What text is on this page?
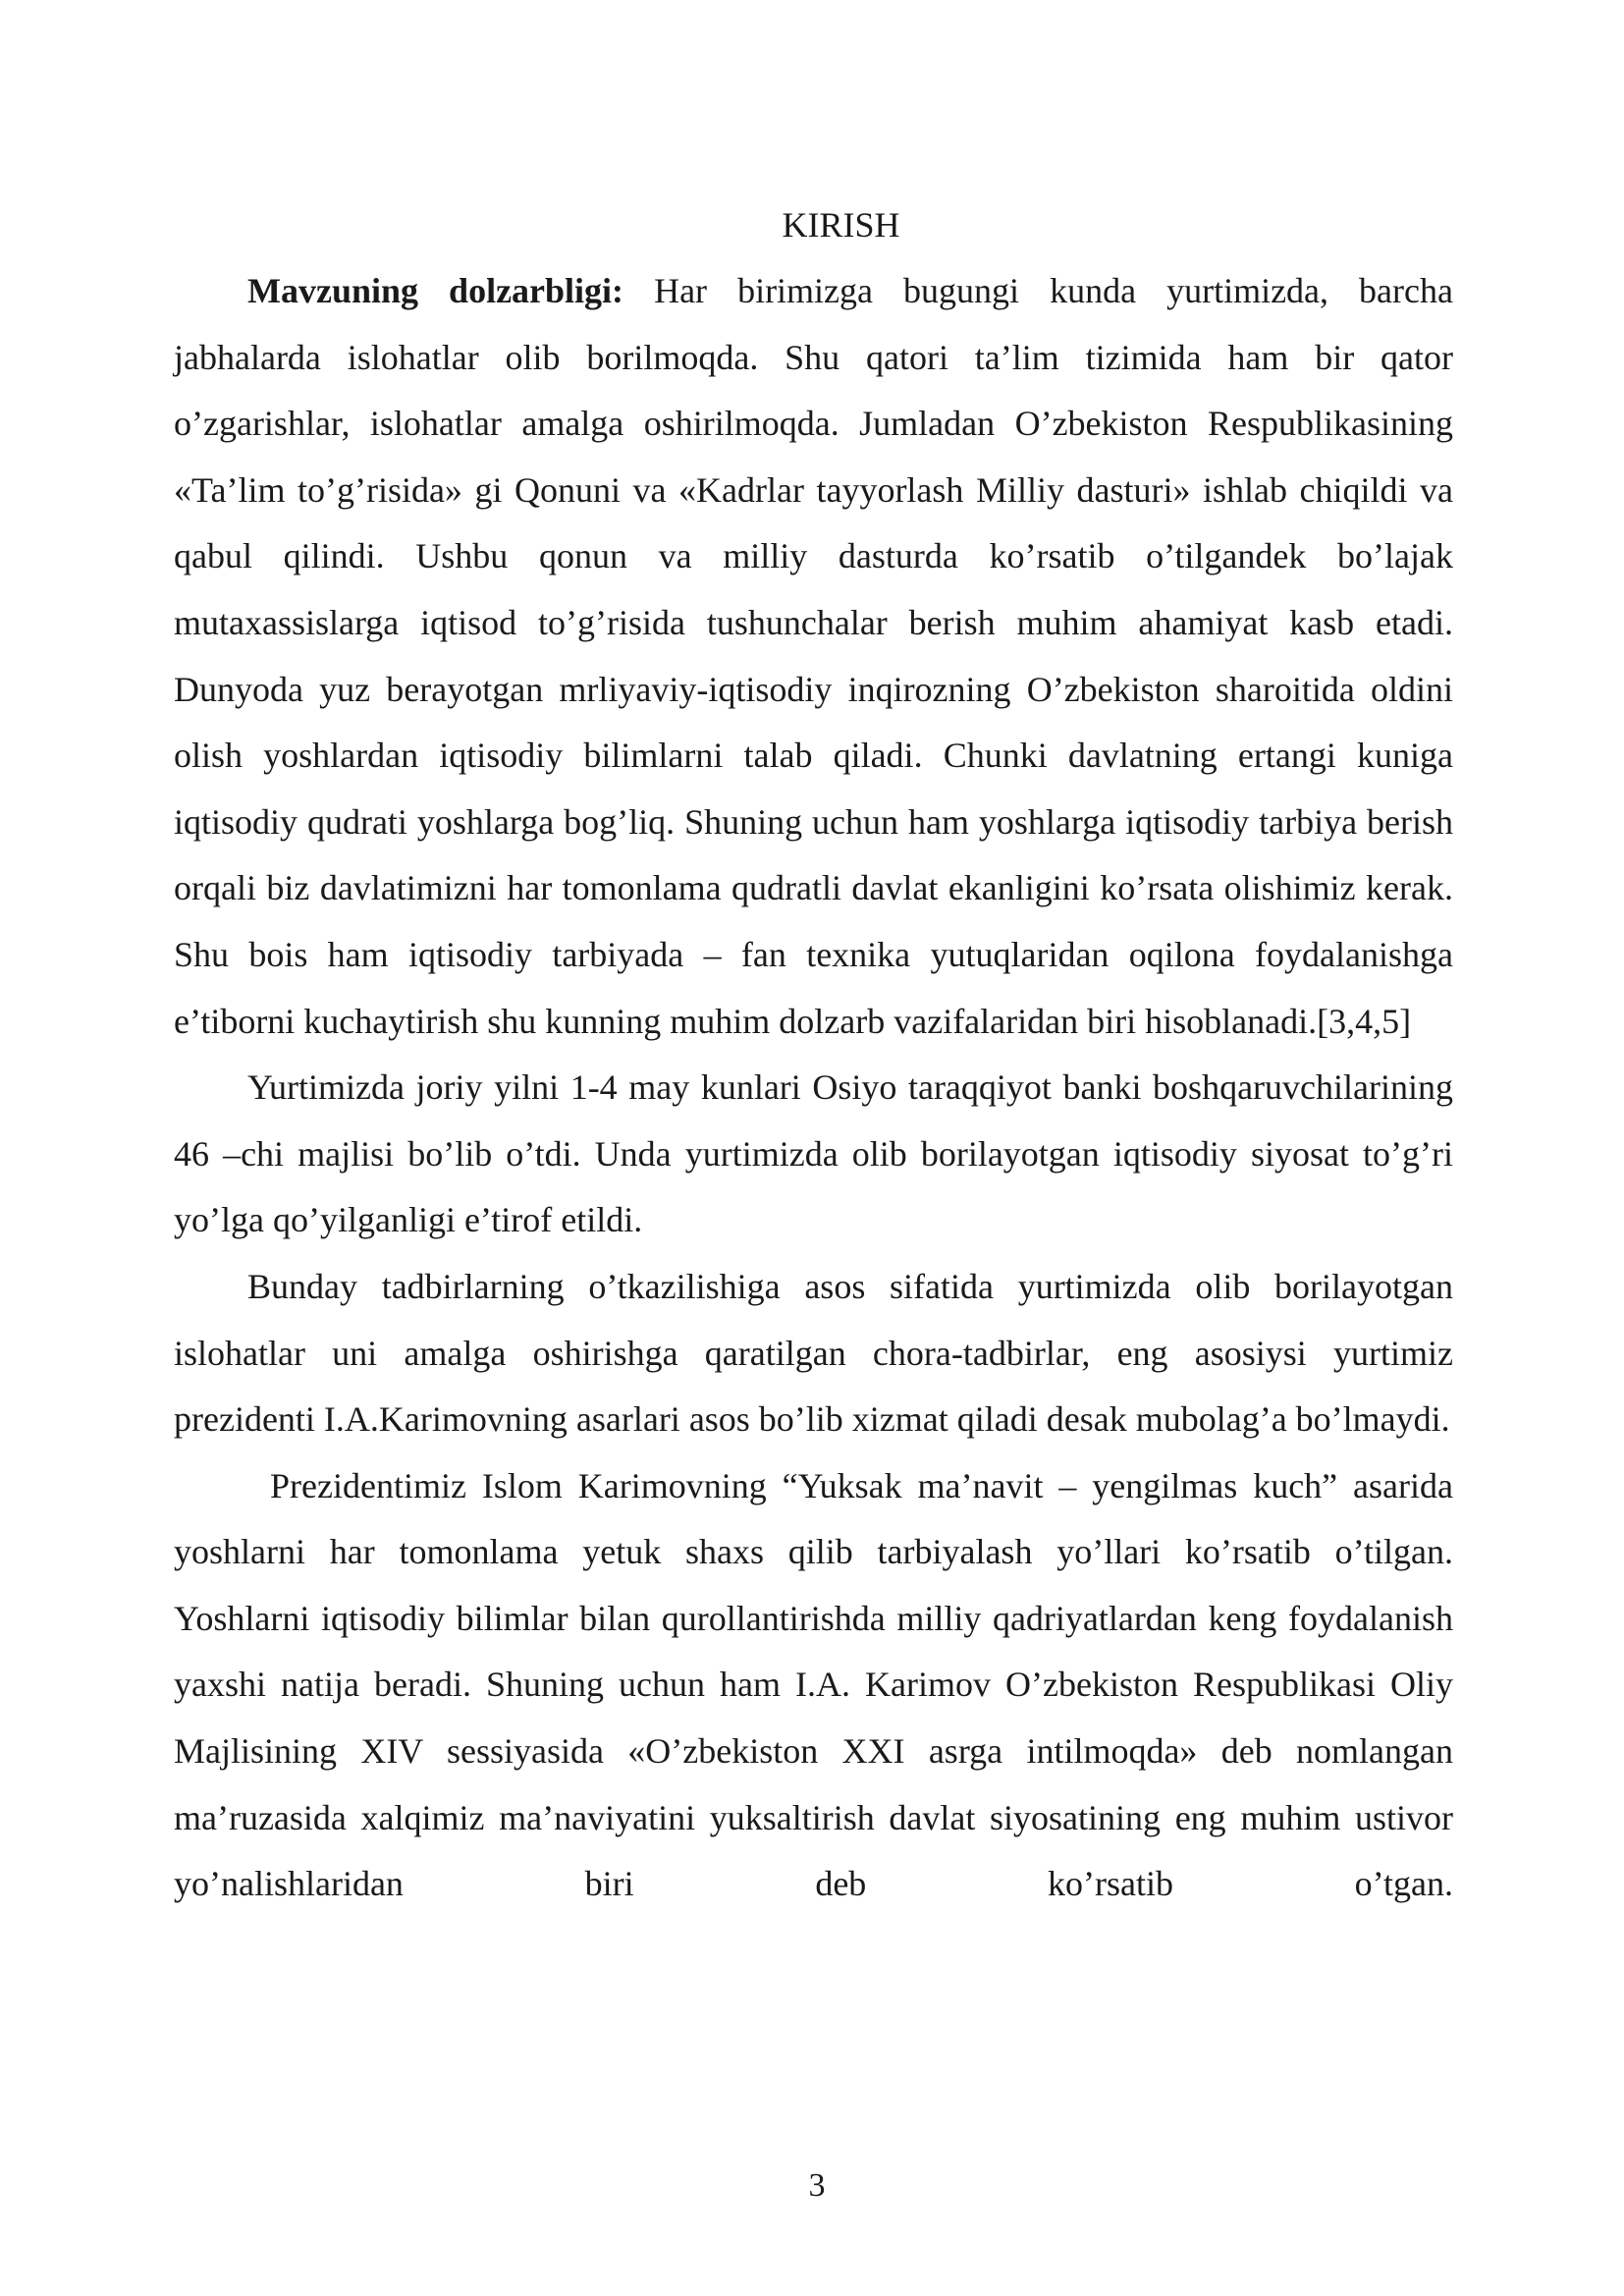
KIRISH

Mavzuning dolzarbligi: Har birimizga bugungi kunda yurtimizda, barcha jabhalarda islohatlar olib borilmoqda. Shu qatori ta’lim tizimida ham bir qator o’zgarishlar, islohatlar amalga oshirilmoqda. Jumladan O’zbekiston Respublikasining «Ta’lim to’g’risida» gi Qonuni va «Kadrlar tayyorlash Milliy dasturi» ishlab chiqildi va qabul qilindi. Ushbu qonun va milliy dasturda ko’rsatib o’tilgandek bo’lajak mutaxassislarga iqtisod to’g’risida tushunchalar berish muhim ahamiyat kasb etadi. Dunyoda yuz berayotgan mrliyaviy-iqtisodiy inqirozning O’zbekiston sharoitida oldini olish yoshlardan iqtisodiy bilimlarni talab qiladi. Chunki davlatning ertangi kuniga iqtisodiy qudrati yoshlarga bog’liq. Shuning uchun ham yoshlarga iqtisodiy tarbiya berish orqali biz davlatimizni har tomonlama qudratli davlat ekanligini ko’rsata olishimiz kerak. Shu bois ham iqtisodiy tarbiyada – fan texnika yutuqlaridan oqilona foydalanishga e’tiborni kuchaytirish shu kunning muhim dolzarb vazifalaridan biri hisoblanadi.[3,4,5]

Yurtimizda joriy yilni 1-4 may kunlari Osiyo taraqqiyot banki boshqaruvchilarining 46 –chi majlisi bo’lib o’tdi. Unda yurtimizda olib borilayotgan iqtisodiy siyosat to’g’ri yo’lga qo’yilganligi e’tirof etildi.

Bunday tadbirlarning o’tkazilishiga asos sifatida yurtimizda olib borilayotgan islohatlar uni amalga oshirishga qaratilgan chora-tadbirlar, eng asosiysi yurtimiz prezidenti I.A.Karimovning asarlari asos bo’lib xizmat qiladi desak mubolag’a bo’lmaydi.

Prezidentimiz Islom Karimovning “Yuksak ma’navit – yengilmas kuch” asarida yoshlarni har tomonlama yetuk shaxs qilib tarbiyalash yo’llari ko’rsatib o’tilgan. Yoshlarni iqtisodiy bilimlar bilan qurollantirishda milliy qadriyatlardan keng foydalanish yaxshi natija beradi. Shuning uchun ham I.A. Karimov O’zbekiston Respublikasi Oliy Majlisining XIV sessiyasida «O’zbekiston XXI asrga intilmoqda» deb nomlangan ma’ruzasida xalqimiz ma’naviyatini yuksaltirish davlat siyosatining eng muhim ustivor yo’nalishlaridan biri deb ko’rsatib o’tgan.

3
